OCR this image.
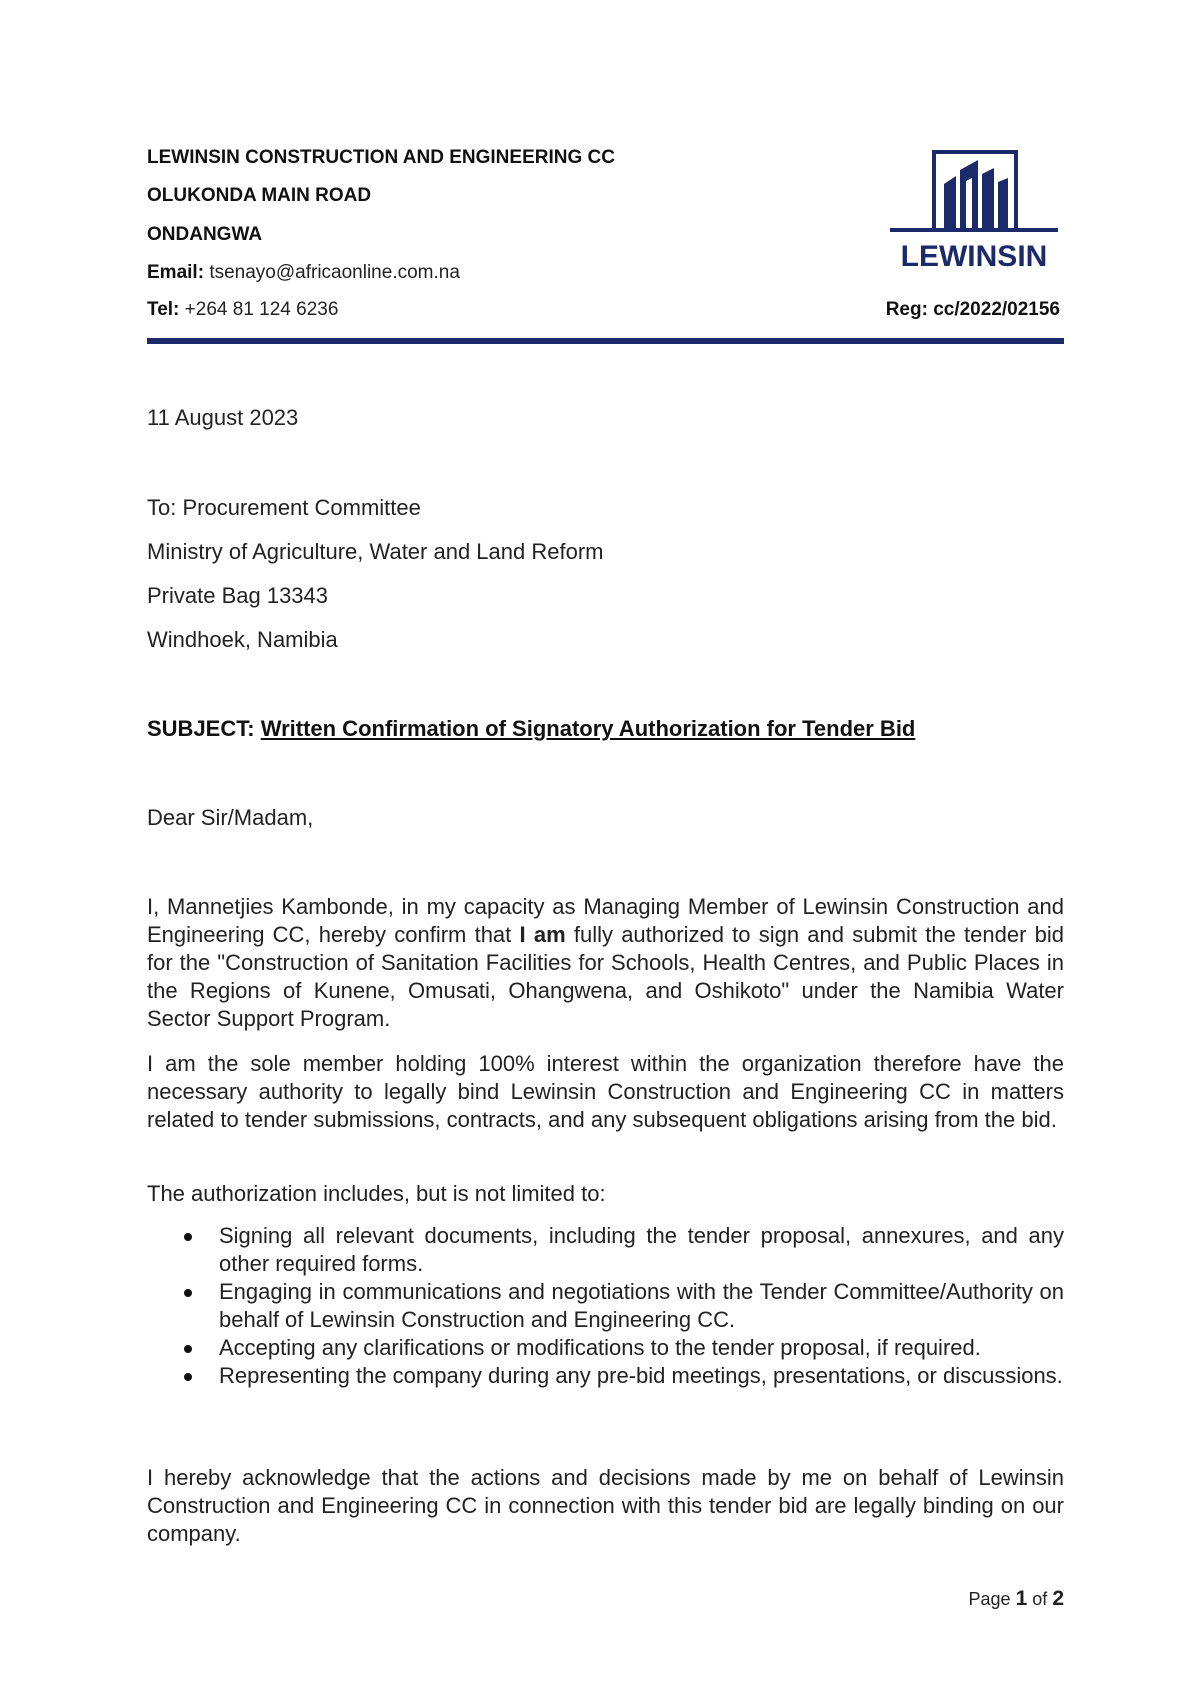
LEWINSIN CONSTRUCTION AND ENGINEERING CC
OLUKONDA MAIN ROAD
ONDANGWA
Email: tsenayo@africaonline.com.na
Tel: +264 81 124 6236	Reg: cc/2022/02156
LEWINSIN
11 August 2023
To: Procurement Committee
Ministry of Agriculture, Water and Land Reform
Private Bag 13343
Windhoek, Namibia
SUBJECT: Written Confirmation of Signatory Authorization for Tender Bid
Dear Sir/Madam,

I, Mannetjies Kambonde, in my capacity as Managing Member of Lewinsin Construction and Engineering CC, hereby confirm that I am fully authorized to sign and submit the tender bid for the "Construction of Sanitation Facilities for Schools, Health Centres, and Public Places in the Regions of Kunene, Omusati, Ohangwena, and Oshikoto" under the Namibia Water Sector Support Program.

I am the sole member holding 100% interest within the organization therefore have the necessary authority to legally bind Lewinsin Construction and Engineering CC in matters related to tender submissions, contracts, and any subsequent obligations arising from the bid.

The authorization includes, but is not limited to:

Signing all relevant documents, including the tender proposal, annexures, and any other required forms.
Engaging in communications and negotiations with the Tender Committee/Authority on behalf of Lewinsin Construction and Engineering CC.
Accepting any clarifications or modifications to the tender proposal, if required.
Representing the company during any pre-bid meetings, presentations, or discussions.

I hereby acknowledge that the actions and decisions made by me on behalf of Lewinsin Construction and Engineering CC in connection with this tender bid are legally binding on our company.

Page 1 of 2
